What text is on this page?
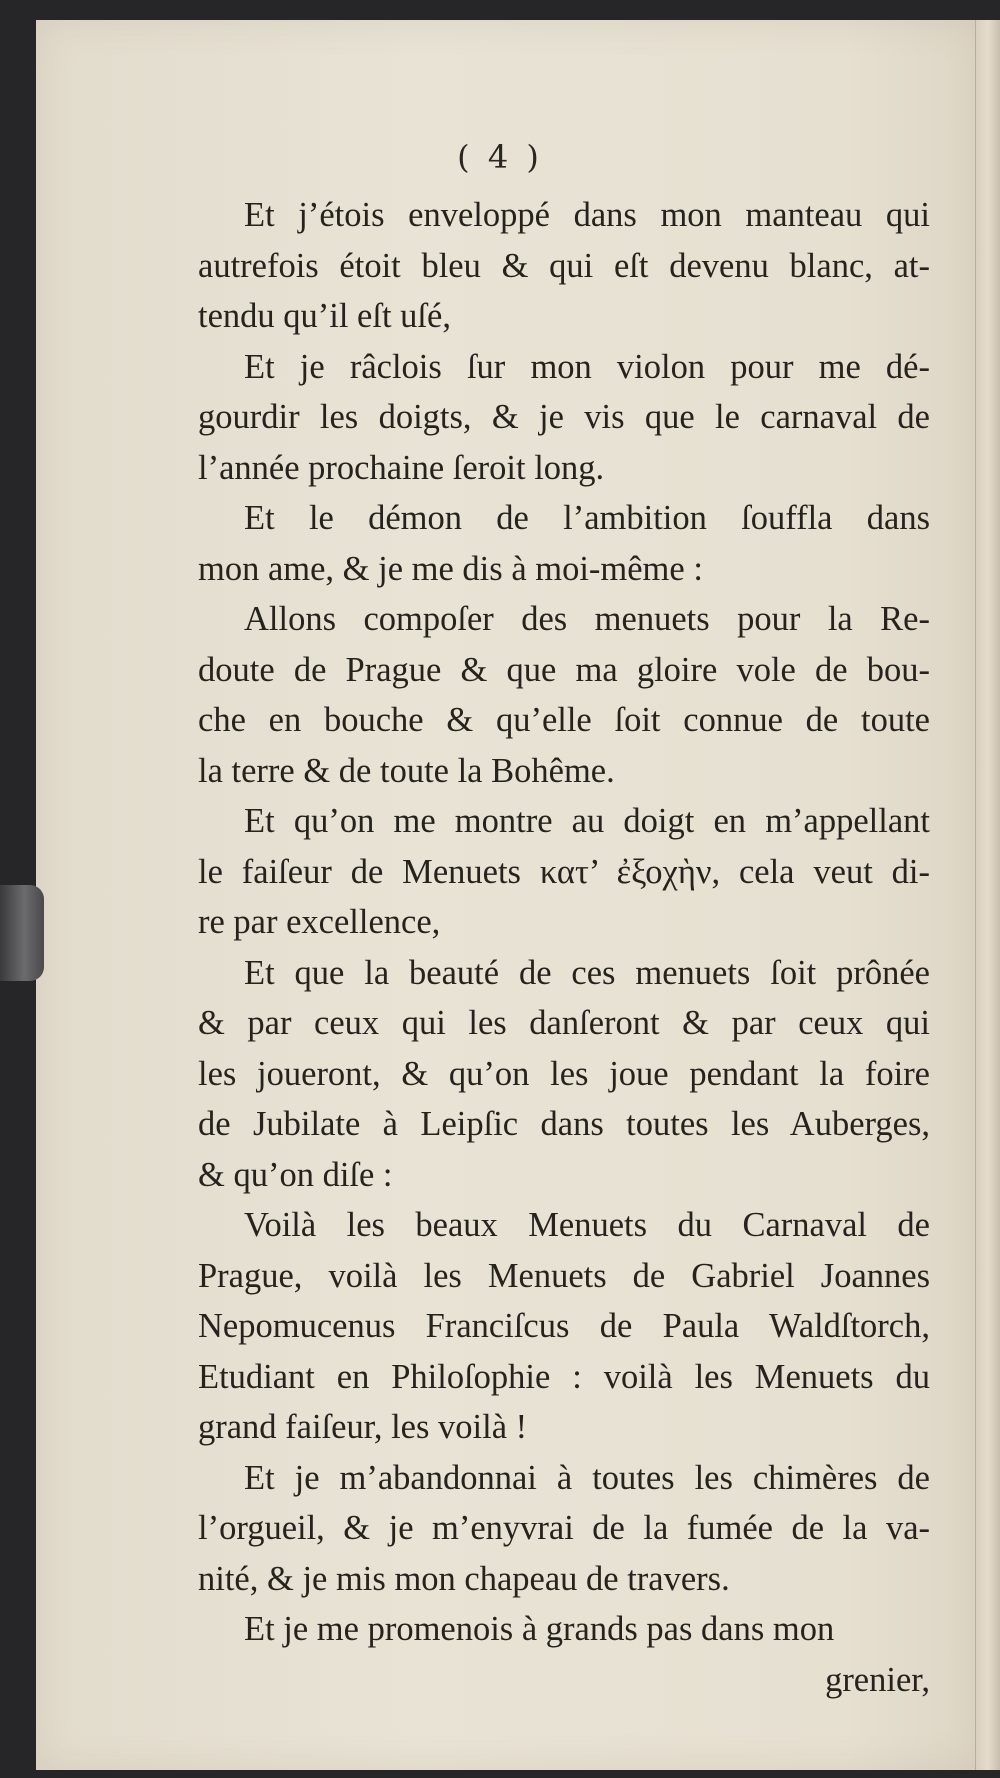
( 4 )
Et j’étois enveloppé dans mon manteau qui
autrefois étoit bleu & qui eſt devenu blanc, at-
tendu qu’il eſt uſé,
Et je râclois ſur mon violon pour me dé-
gourdir les doigts, & je vis que le carnaval de
l’année prochaine ſeroit long.
Et le démon de l’ambition ſouffla dans
mon ame, & je me dis à moi-même :
Allons compoſer des menuets pour la Re-
doute de Prague & que ma gloire vole de bou-
che en bouche & qu’elle ſoit connue de toute
la terre & de toute la Bohême.
Et qu’on me montre au doigt en m’appellant
le faiſeur de Menuets κατ’ ἐξοχὴν, cela veut di-
re par excellence,
Et que la beauté de ces menuets ſoit prônée
& par ceux qui les danſeront & par ceux qui
les joueront, & qu’on les joue pendant la foire
de Jubilate à Leipſic dans toutes les Auberges,
& qu’on diſe :
Voilà les beaux Menuets du Carnaval de
Prague, voilà les Menuets de Gabriel Joannes
Nepomucenus Franciſcus de Paula Waldſtorch,
Etudiant en Philoſophie : voilà les Menuets du
grand faiſeur, les voilà !
Et je m’abandonnai à toutes les chimères de
l’orgueil, & je m’enyvrai de la fumée de la va-
nité, & je mis mon chapeau de travers.
Et je me promenois à grands pas dans mon
grenier,
